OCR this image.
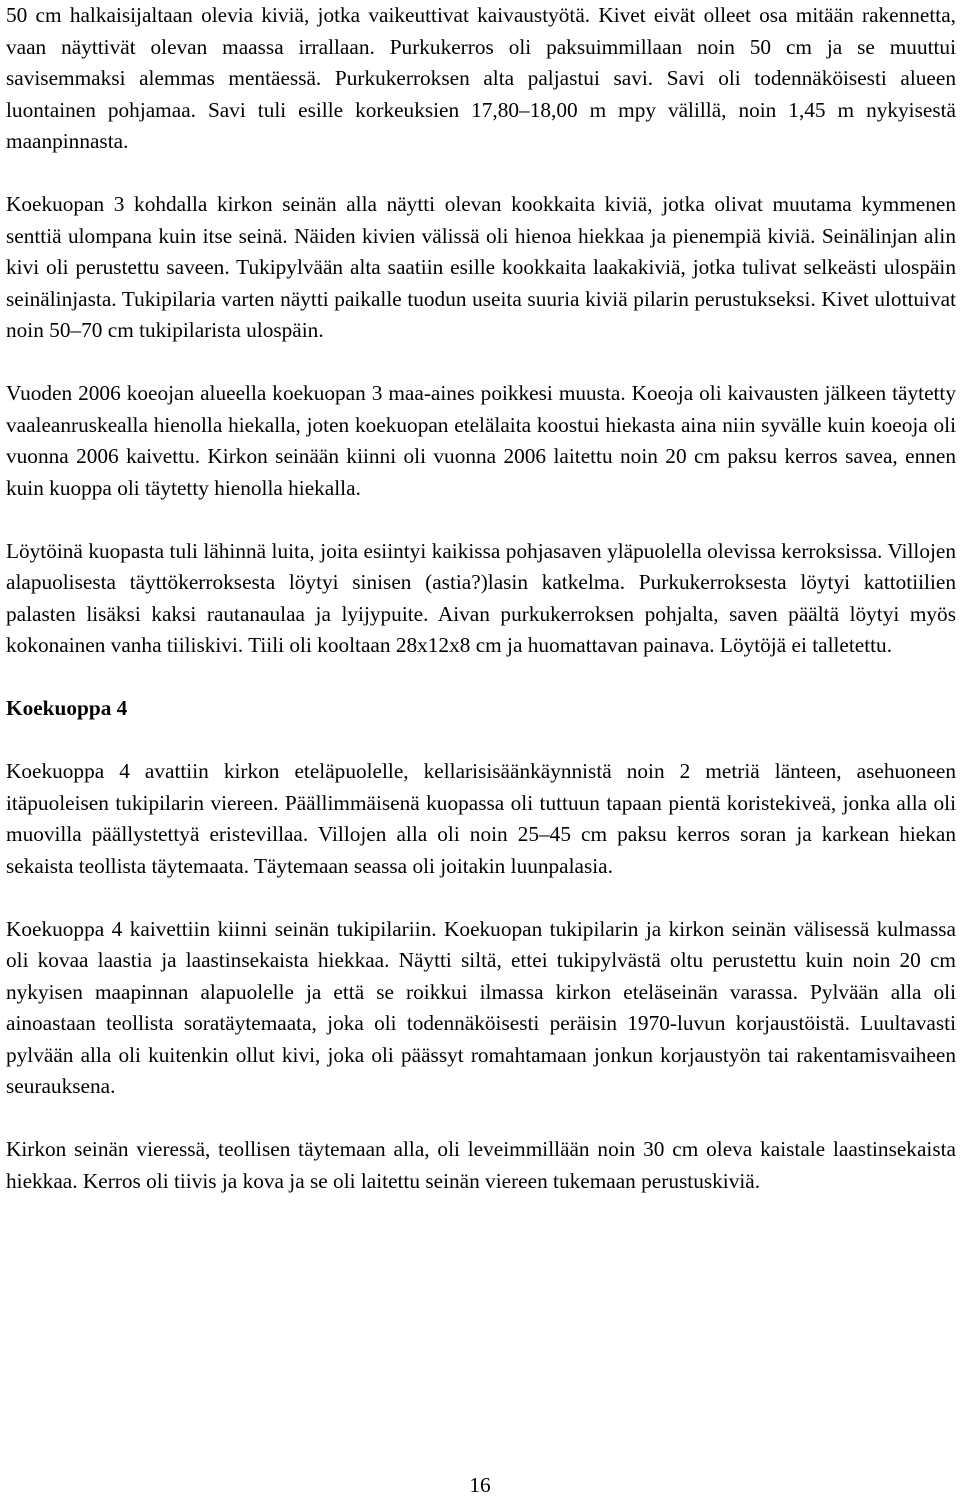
50 cm halkaisijaltaan olevia kiviä, jotka vaikeuttivat kaivaustyötä. Kivet eivät olleet osa mitään rakennetta, vaan näyttivät olevan maassa irrallaan. Purkukerros oli paksuimmillaan noin 50 cm ja se muuttui savisemmaksi alemmas mentäessä. Purkukerroksen alta paljastui savi. Savi oli todennäköisesti alueen luontainen pohjamaa. Savi tuli esille korkeuksien 17,80–18,00 m mpy välillä, noin 1,45 m nykyisestä maanpinnasta.

Koekuopan 3 kohdalla kirkon seinän alla näytti olevan kookkaita kiviä, jotka olivat muutama kymmenen senttiä ulompana kuin itse seinä. Näiden kivien välissä oli hienoa hiekkaa ja pienempiä kiviä. Seinälinjan alin kivi oli perustettu saveen. Tukipylvään alta saatiin esille kookkaita laakakiviä, jotka tulivat selkeästi ulospäin seinälinjasta. Tukipilaria varten näytti paikalle tuodun useita suuria kiviä pilarin perustukseksi. Kivet ulottuivat noin 50–70 cm tukipilarista ulospäin.

Vuoden 2006 koeojan alueella koekuopan 3 maa-aines poikkesi muusta. Koeoja oli kaivausten jälkeen täytetty vaaleanruskealla hienolla hiekalla, joten koekuopan etelälaita koostui hiekasta aina niin syvälle kuin koeoja oli vuonna 2006 kaivettu. Kirkon seinään kiinni oli vuonna 2006 laitettu noin 20 cm paksu kerros savea, ennen kuin kuoppa oli täytetty hienolla hiekalla.

Löytöinä kuopasta tuli lähinnä luita, joita esiintyi kaikissa pohjasaven yläpuolella olevissa kerroksissa. Villojen alapuolisesta täyttökerroksesta löytyi sinisen (astia?)lasin katkelma. Purkukerroksesta löytyi kattotiilien palasten lisäksi kaksi rautanaulaa ja lyijypuite. Aivan purkukerroksen pohjalta, saven päältä löytyi myös kokonainen vanha tiiliskivi. Tiili oli kooltaan 28x12x8 cm ja huomattavan painava. Löytöjä ei talletettu.

Koekuoppa 4

Koekuoppa 4 avattiin kirkon eteläpuolelle, kellarisisäänkäynnistä noin 2 metriä länteen, asehuoneen itäpuoleisen tukipilarin viereen. Päällimmäisenä kuopassa oli tuttuun tapaan pientä koristekiveä, jonka alla oli muovilla päällystettyä eristevillaa. Villojen alla oli noin 25–45 cm paksu kerros soran ja karkean hiekan sekaista teollista täytemaata. Täytemaan seassa oli joitakin luunpalasia.

Koekuoppa 4 kaivettiin kiinni seinän tukipilariin. Koekuopan tukipilarin ja kirkon seinän välisessä kulmassa oli kovaa laastia ja laastinsekaista hiekkaa. Näytti siltä, ettei tukipylvästä oltu perustettu kuin noin 20 cm nykyisen maapinnan alapuolelle ja että se roikkui ilmassa kirkon eteläseinän varassa. Pylvään alla oli ainoastaan teollista soratäytemaata, joka oli todennäköisesti peräisin 1970-luvun korjaustöistä. Luultavasti pylvään alla oli kuitenkin ollut kivi, joka oli päässyt romahtamaan jonkun korjaustyön tai rakentamisvaiheen seurauksena.

Kirkon seinän vieressä, teollisen täytemaan alla, oli leveimmillään noin 30 cm oleva kaistale laastinsekaista hiekkaa. Kerros oli tiivis ja kova ja se oli laitettu seinän viereen tukemaan perustuskiviä.

16
